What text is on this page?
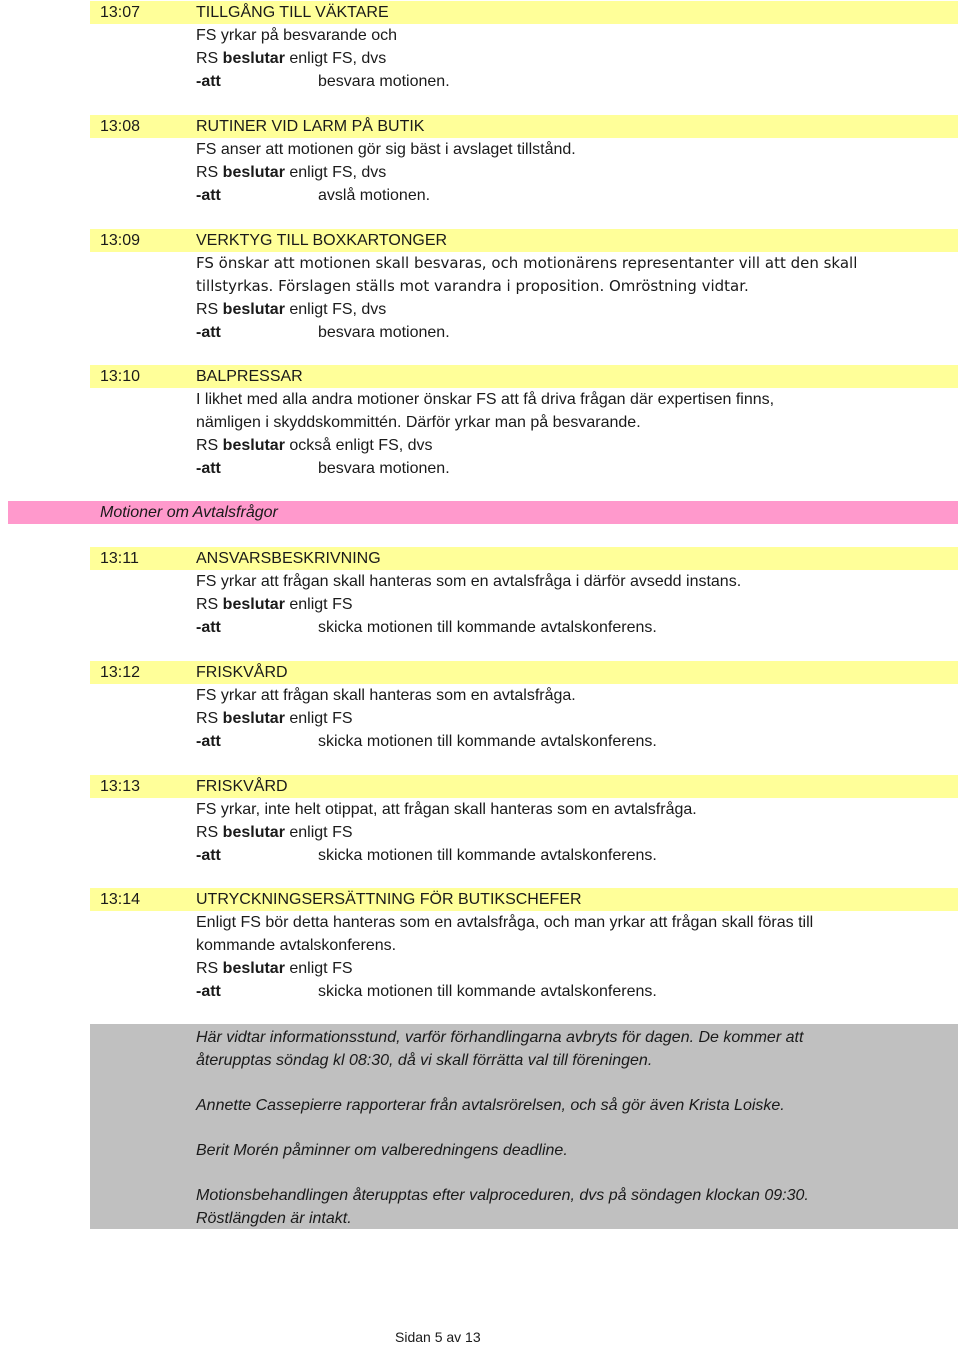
13:07	TILLGÅNG TILL VÄKTARE
FS yrkar på besvarande och
RS beslutar enligt FS, dvs
-att	besvara motionen.
13:08	RUTINER VID LARM PÅ BUTIK
FS anser att motionen gör sig bäst i avslaget tillstånd.
RS beslutar enligt FS, dvs
-att	avslå motionen.
13:09	VERKTYG TILL BOXKARTONGER
FS önskar att motionen skall besvaras, och motionärens representanter vill att den skall
tillstyrkas. Förslagen ställs mot varandra i proposition. Omröstning vidtar.
RS beslutar enligt FS, dvs
-att	besvara motionen.
13:10	BALPRESSAR
I likhet med alla andra motioner önskar FS att få driva frågan där expertisen finns,
nämligen i skyddskommittén. Därför yrkar man på besvarande.
RS beslutar också enligt FS, dvs
-att	besvara motionen.
Motioner om Avtalsfrågor
13:11	ANSVARSBESKRIVNING
FS yrkar att frågan skall hanteras som en avtalsfråga i därför avsedd instans.
RS beslutar enligt FS
-att	skicka motionen till kommande avtalskonferens.
13:12	FRISKVÅRD
FS yrkar att frågan skall hanteras som en avtalsfråga.
RS beslutar enligt FS
-att	skicka motionen till kommande avtalskonferens.
13:13	FRISKVÅRD
FS yrkar, inte helt otippat, att frågan skall hanteras som en avtalsfråga.
RS beslutar enligt FS
-att	skicka motionen till kommande avtalskonferens.
13:14	UTRYCKNINGSERSÄTTNING FÖR BUTIKSCHEFER
Enligt FS bör detta hanteras som en avtalsfråga, och man yrkar att frågan skall föras till
kommande avtalskonferens.
RS beslutar enligt FS
-att	skicka motionen till kommande avtalskonferens.
Här vidtar informationsstund, varför förhandlingarna avbryts för dagen. De kommer att
återupptas söndag kl 08:30, då vi skall förrätta val till föreningen.
Annette Cassepierre rapporterar från avtalsrörelsen, och så gör även Krista Loiske.
Berit Morén påminner om valberedningens deadline.
Motionsbehandlingen återupptas efter valproceduren, dvs på söndagen klockan 09:30.
Röstlängden är intakt.
Sidan 5 av 13
